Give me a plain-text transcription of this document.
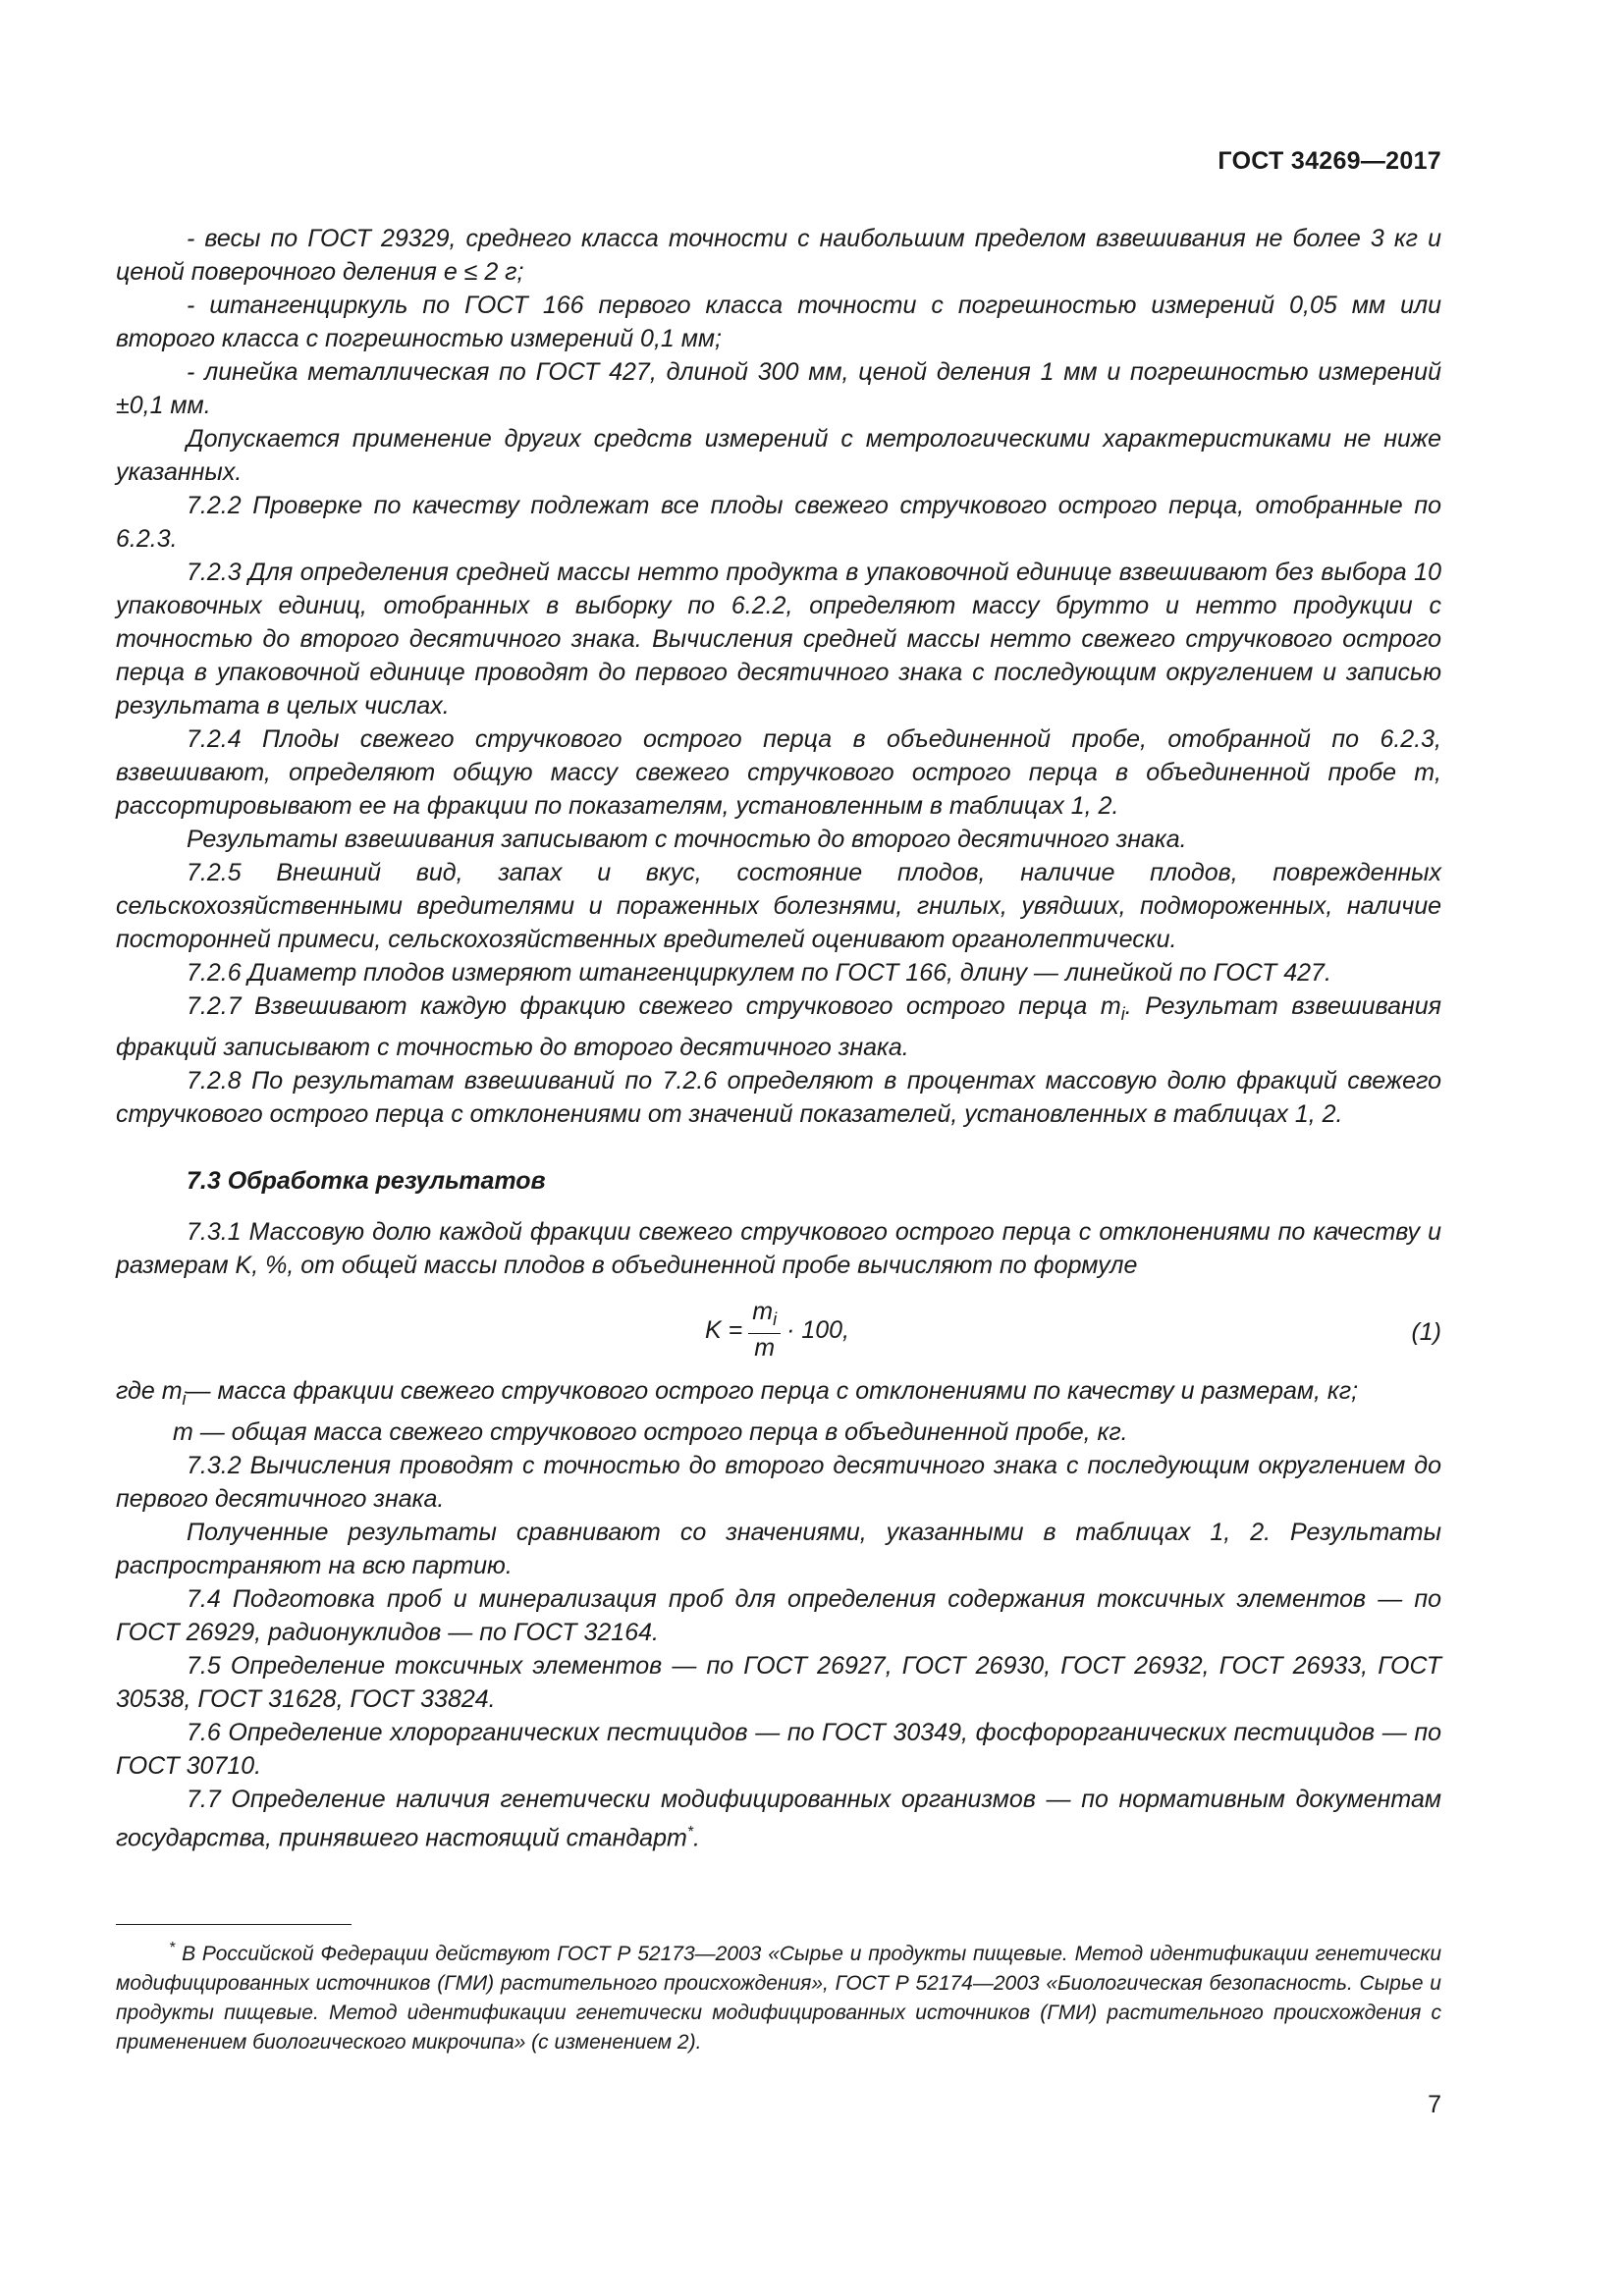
ГОСТ 34269—2017

- весы по ГОСТ 29329, среднего класса точности с наибольшим пределом взвешивания не более 3 кг и ценой поверочного деления е ≤ 2 г;

- штангенциркуль по ГОСТ 166 первого класса точности с погрешностью измерений 0,05 мм или второго класса с погрешностью измерений 0,1 мм;

- линейка металлическая по ГОСТ 427, длиной 300 мм, ценой деления 1 мм и погрешностью измерений ±0,1 мм.

Допускается применение других средств измерений с метрологическими характеристиками не ниже указанных.

7.2.2 Проверке по качеству подлежат все плоды свежего стручкового острого перца, отобранные по 6.2.3.

7.2.3 Для определения средней массы нетто продукта в упаковочной единице взвешивают без выбора 10 упаковочных единиц, отобранных в выборку по 6.2.2, определяют массу брутто и нетто продукции с точностью до второго десятичного знака. Вычисления средней массы нетто свежего стручкового острого перца в упаковочной единице проводят до первого десятичного знака с последующим округлением и записью результата в целых числах.

7.2.4 Плоды свежего стручкового острого перца в объединенной пробе, отобранной по 6.2.3, взвешивают, определяют общую массу свежего стручкового острого перца в объединенной пробе m, рассортировывают ее на фракции по показателям, установленным в таблицах 1, 2.

Результаты взвешивания записывают с точностью до второго десятичного знака.

7.2.5 Внешний вид, запах и вкус, состояние плодов, наличие плодов, поврежденных сельскохозяйственными вредителями и пораженных болезнями, гнилых, увядших, подмороженных, наличие посторонней примеси, сельскохозяйственных вредителей оценивают органолептически.

7.2.6 Диаметр плодов измеряют штангенциркулем по ГОСТ 166, длину — линейкой по ГОСТ 427.

7.2.7 Взвешивают каждую фракцию свежего стручкового острого перца $m_i$. Результат взвешивания фракций записывают с точностью до второго десятичного знака.

7.2.8 По результатам взвешиваний по 7.2.6 определяют в процентах массовую долю фракций свежего стручкового острого перца с отклонениями от значений показателей, установленных в таблицах 1, 2.

7.3 Обработка результатов

7.3.1 Массовую долю каждой фракции свежего стручкового острого перца с отклонениями по качеству и размерам K, %, от общей массы плодов в объединенной пробе вычисляют по формуле

$K = \frac{m_i}{m} \cdot 100$,	(1)

где $m_i$ — масса фракции свежего стручкового острого перца с отклонениями по качеству и размерам, кг;

m — общая масса свежего стручкового острого перца в объединенной пробе, кг.

7.3.2 Вычисления проводят с точностью до второго десятичного знака с последующим округлением до первого десятичного знака.

Полученные результаты сравнивают со значениями, указанными в таблицах 1, 2. Результаты распространяют на всю партию.

7.4 Подготовка проб и минерализация проб для определения содержания токсичных элементов — по ГОСТ 26929, радионуклидов — по ГОСТ 32164.

7.5 Определение токсичных элементов — по ГОСТ 26927, ГОСТ 26930, ГОСТ 26932, ГОСТ 26933, ГОСТ 30538, ГОСТ 31628, ГОСТ 33824.

7.6 Определение хлорорганических пестицидов — по ГОСТ 30349, фосфорорганических пестицидов — по ГОСТ 30710.

7.7 Определение наличия генетически модифицированных организмов — по нормативным документам государства, принявшего настоящий стандарт*.

* В Российской Федерации действуют ГОСТ Р 52173—2003 «Сырье и продукты пищевые. Метод идентификации генетически модифицированных источников (ГМИ) растительного происхождения», ГОСТ Р 52174—2003 «Биологическая безопасность. Сырье и продукты пищевые. Метод идентификации генетически модифицированных источников (ГМИ) растительного происхождения с применением биологического микрочипа» (с изменением 2).
7
